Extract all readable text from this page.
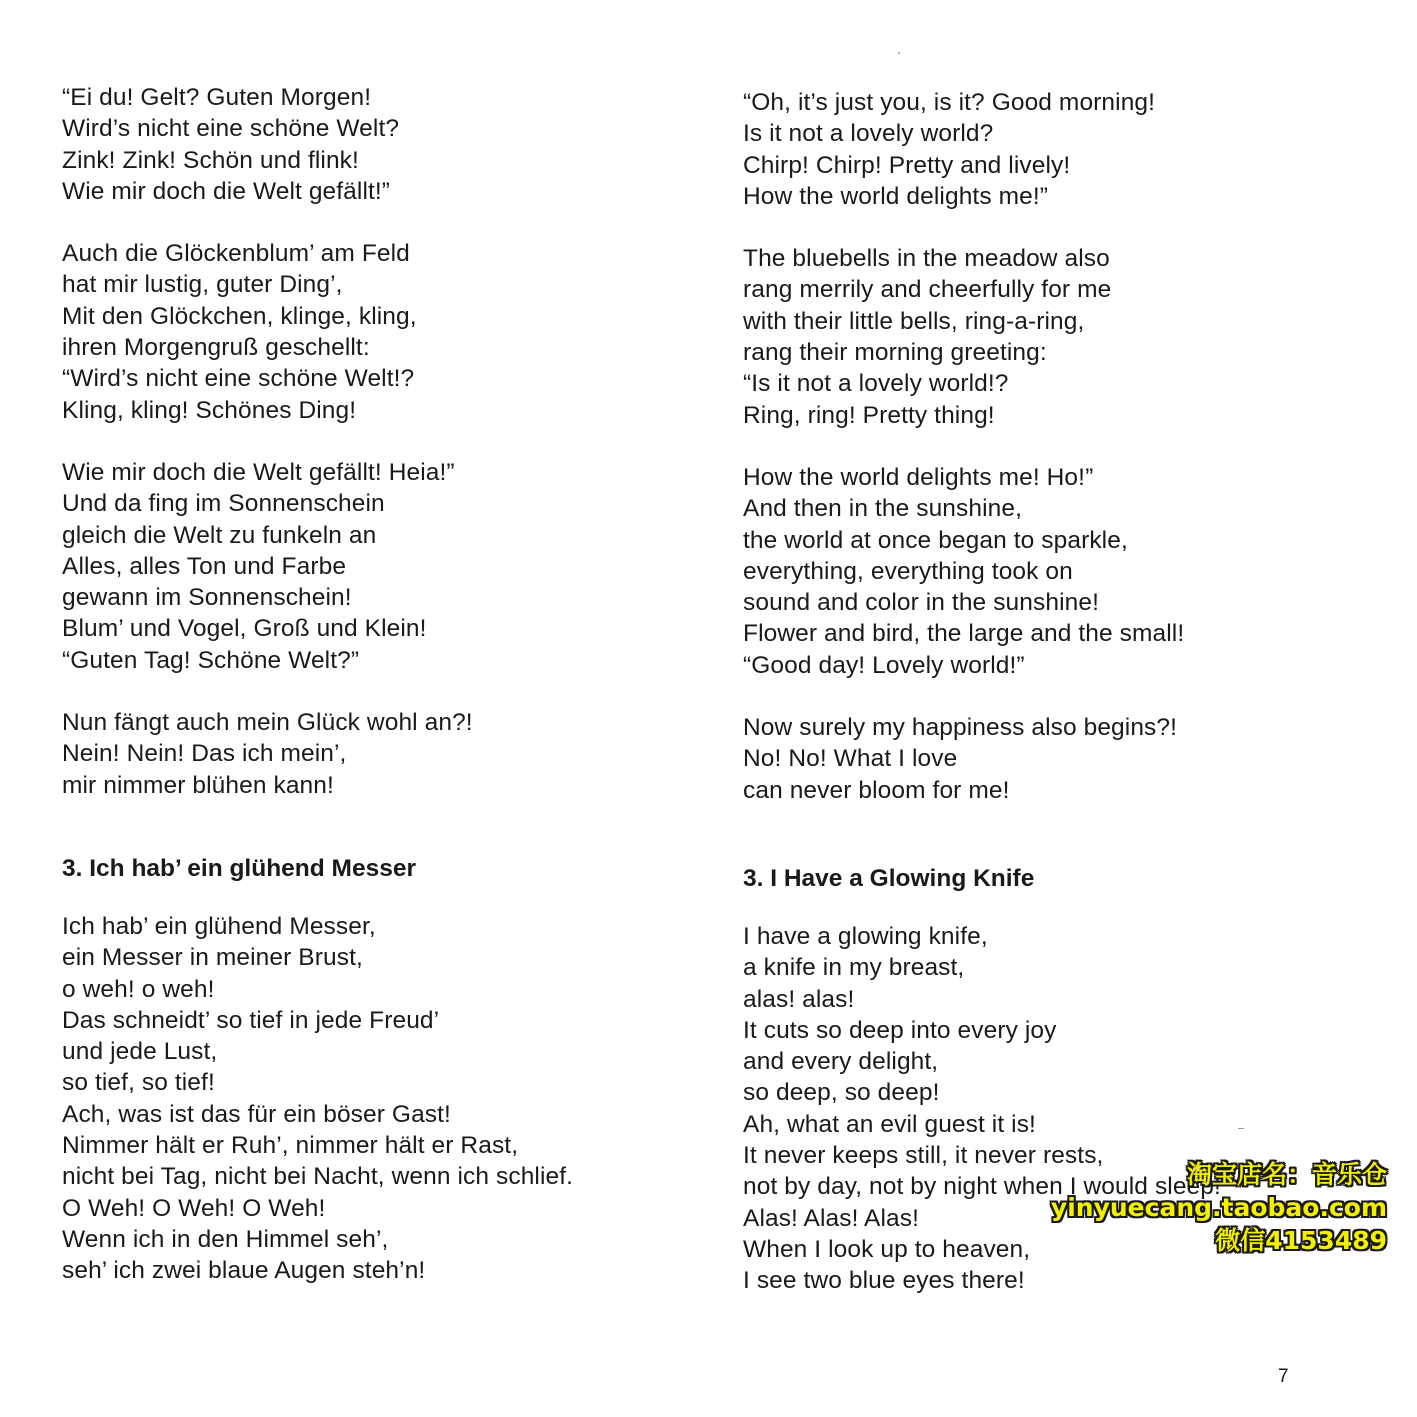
“Ei du! Gelt? Guten Morgen!
Wird’s nicht eine schöne Welt?
Zink! Zink! Schön und flink!
Wie mir doch die Welt gefällt!”
Auch die Glöckenblum’ am Feld
hat mir lustig, guter Ding’,
Mit den Glöckchen, klinge, kling,
ihren Morgengruß geschellt:
“Wird’s nicht eine schöne Welt!?
Kling, kling! Schönes Ding!
Wie mir doch die Welt gefällt! Heia!”
Und da fing im Sonnenschein
gleich die Welt zu funkeln an
Alles, alles Ton und Farbe
gewann im Sonnenschein!
Blum’ und Vogel, Groß und Klein!
“Guten Tag! Schöne Welt?”
Nun fängt auch mein Glück wohl an?!
Nein! Nein! Das ich mein’,
mir nimmer blühen kann!
3. Ich hab’ ein glühend Messer
Ich hab’ ein glühend Messer,
ein Messer in meiner Brust,
o weh! o weh!
Das schneidt’ so tief in jede Freud’
und jede Lust,
so tief, so tief!
Ach, was ist das für ein böser Gast!
Nimmer hält er Ruh’, nimmer hält er Rast,
nicht bei Tag, nicht bei Nacht, wenn ich schlief.
O Weh! O Weh! O Weh!
Wenn ich in den Himmel seh’,
seh’ ich zwei blaue Augen steh’n!
“Oh, it’s just you, is it? Good morning!
Is it not a lovely world?
Chirp! Chirp! Pretty and lively!
How the world delights me!”
The bluebells in the meadow also
rang merrily and cheerfully for me
with their little bells, ring-a-ring,
rang their morning greeting:
“Is it not a lovely world!?
Ring, ring! Pretty thing!
How the world delights me! Ho!”
And then in the sunshine,
the world at once began to sparkle,
everything, everything took on
sound and color in the sunshine!
Flower and bird, the large and the small!
“Good day! Lovely world!”
Now surely my happiness also begins?!
No! No! What I love
can never bloom for me!
3. I Have a Glowing Knife
I have a glowing knife,
a knife in my breast,
alas! alas!
It cuts so deep into every joy
and every delight,
so deep, so deep!
Ah, what an evil guest it is!
It never keeps still, it never rests,
not by day, not by night when I would sleep!
Alas! Alas! Alas!
When I look up to heaven,
I see two blue eyes there!
7
淘宝店名：音乐仓
yinyuecang.taobao.com
微信4153489
